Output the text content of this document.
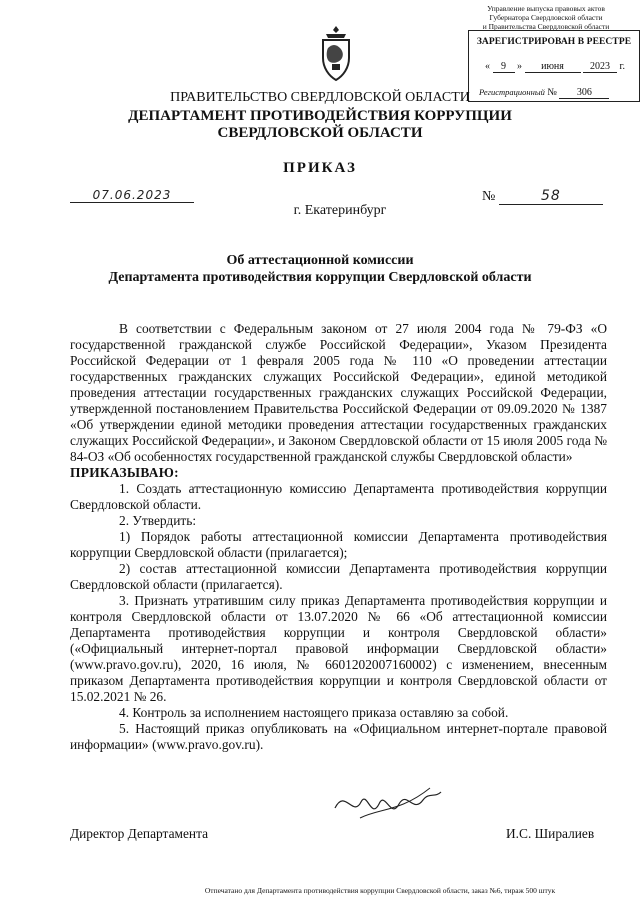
Управление выпуска правовых актов
Губернатора Свердловской области
и Правительства Свердловской области
ЗАРЕГИСТРИРОВАН В РЕЕСТРЕ
« 9 » июня	2023 г.
Регистрационный № 306
ПРАВИТЕЛЬСТВО СВЕРДЛОВСКОЙ ОБЛАСТИ
ДЕПАРТАМЕНТ ПРОТИВОДЕЙСТВИЯ КОРРУПЦИИ
СВЕРДЛОВСКОЙ ОБЛАСТИ
ПРИКАЗ
07.06.2023
г. Екатеринбург
№	58
Об аттестационной комиссии
Департамента противодействия коррупции Свердловской области

В соответствии с Федеральным законом от 27 июля 2004 года № 79-ФЗ «О государственной гражданской службе Российской Федерации», Указом Президента Российской Федерации от 1 февраля 2005 года № 110 «О проведении аттестации государственных гражданских служащих Российской Федерации», единой методикой проведения аттестации государственных гражданских служащих Российской Федерации, утвержденной постановлением Правительства Российской Федерации от 09.09.2020 № 1387 «Об утверждении единой методики проведения аттестации государственных гражданских служащих Российской Федерации», и Законом Свердловской области от 15 июля 2005 года № 84-ОЗ «Об особенностях государственной гражданской службы Свердловской области»

ПРИКАЗЫВАЮ:

1. Создать аттестационную комиссию Департамента противодействия коррупции Свердловской области.

2. Утвердить:

1) Порядок работы аттестационной комиссии Департамента противодействия коррупции Свердловской области (прилагается);

2) состав аттестационной комиссии Департамента противодействия коррупции Свердловской области (прилагается).

3. Признать утратившим силу приказ Департамента противодействия коррупции и контроля Свердловской области от 13.07.2020 № 66 «Об аттестационной комиссии Департамента противодействия коррупции и контроля Свердловской области» («Официальный интернет-портал правовой информации Свердловской области» (www.pravo.gov.ru), 2020, 16 июля, № 6601202007160002) с изменением, внесенным приказом Департамента противодействия коррупции и контроля Свердловской области от 15.02.2021 № 26.

4. Контроль за исполнением настоящего приказа оставляю за собой.

5. Настоящий приказ опубликовать на «Официальном интернет-портале правовой информации» (www.pravo.gov.ru).

Директор Департамента	И.С. Ширалиев
Отпечатано для Департамента противодействия коррупции Свердловской области, заказ №6, тираж 500 штук
